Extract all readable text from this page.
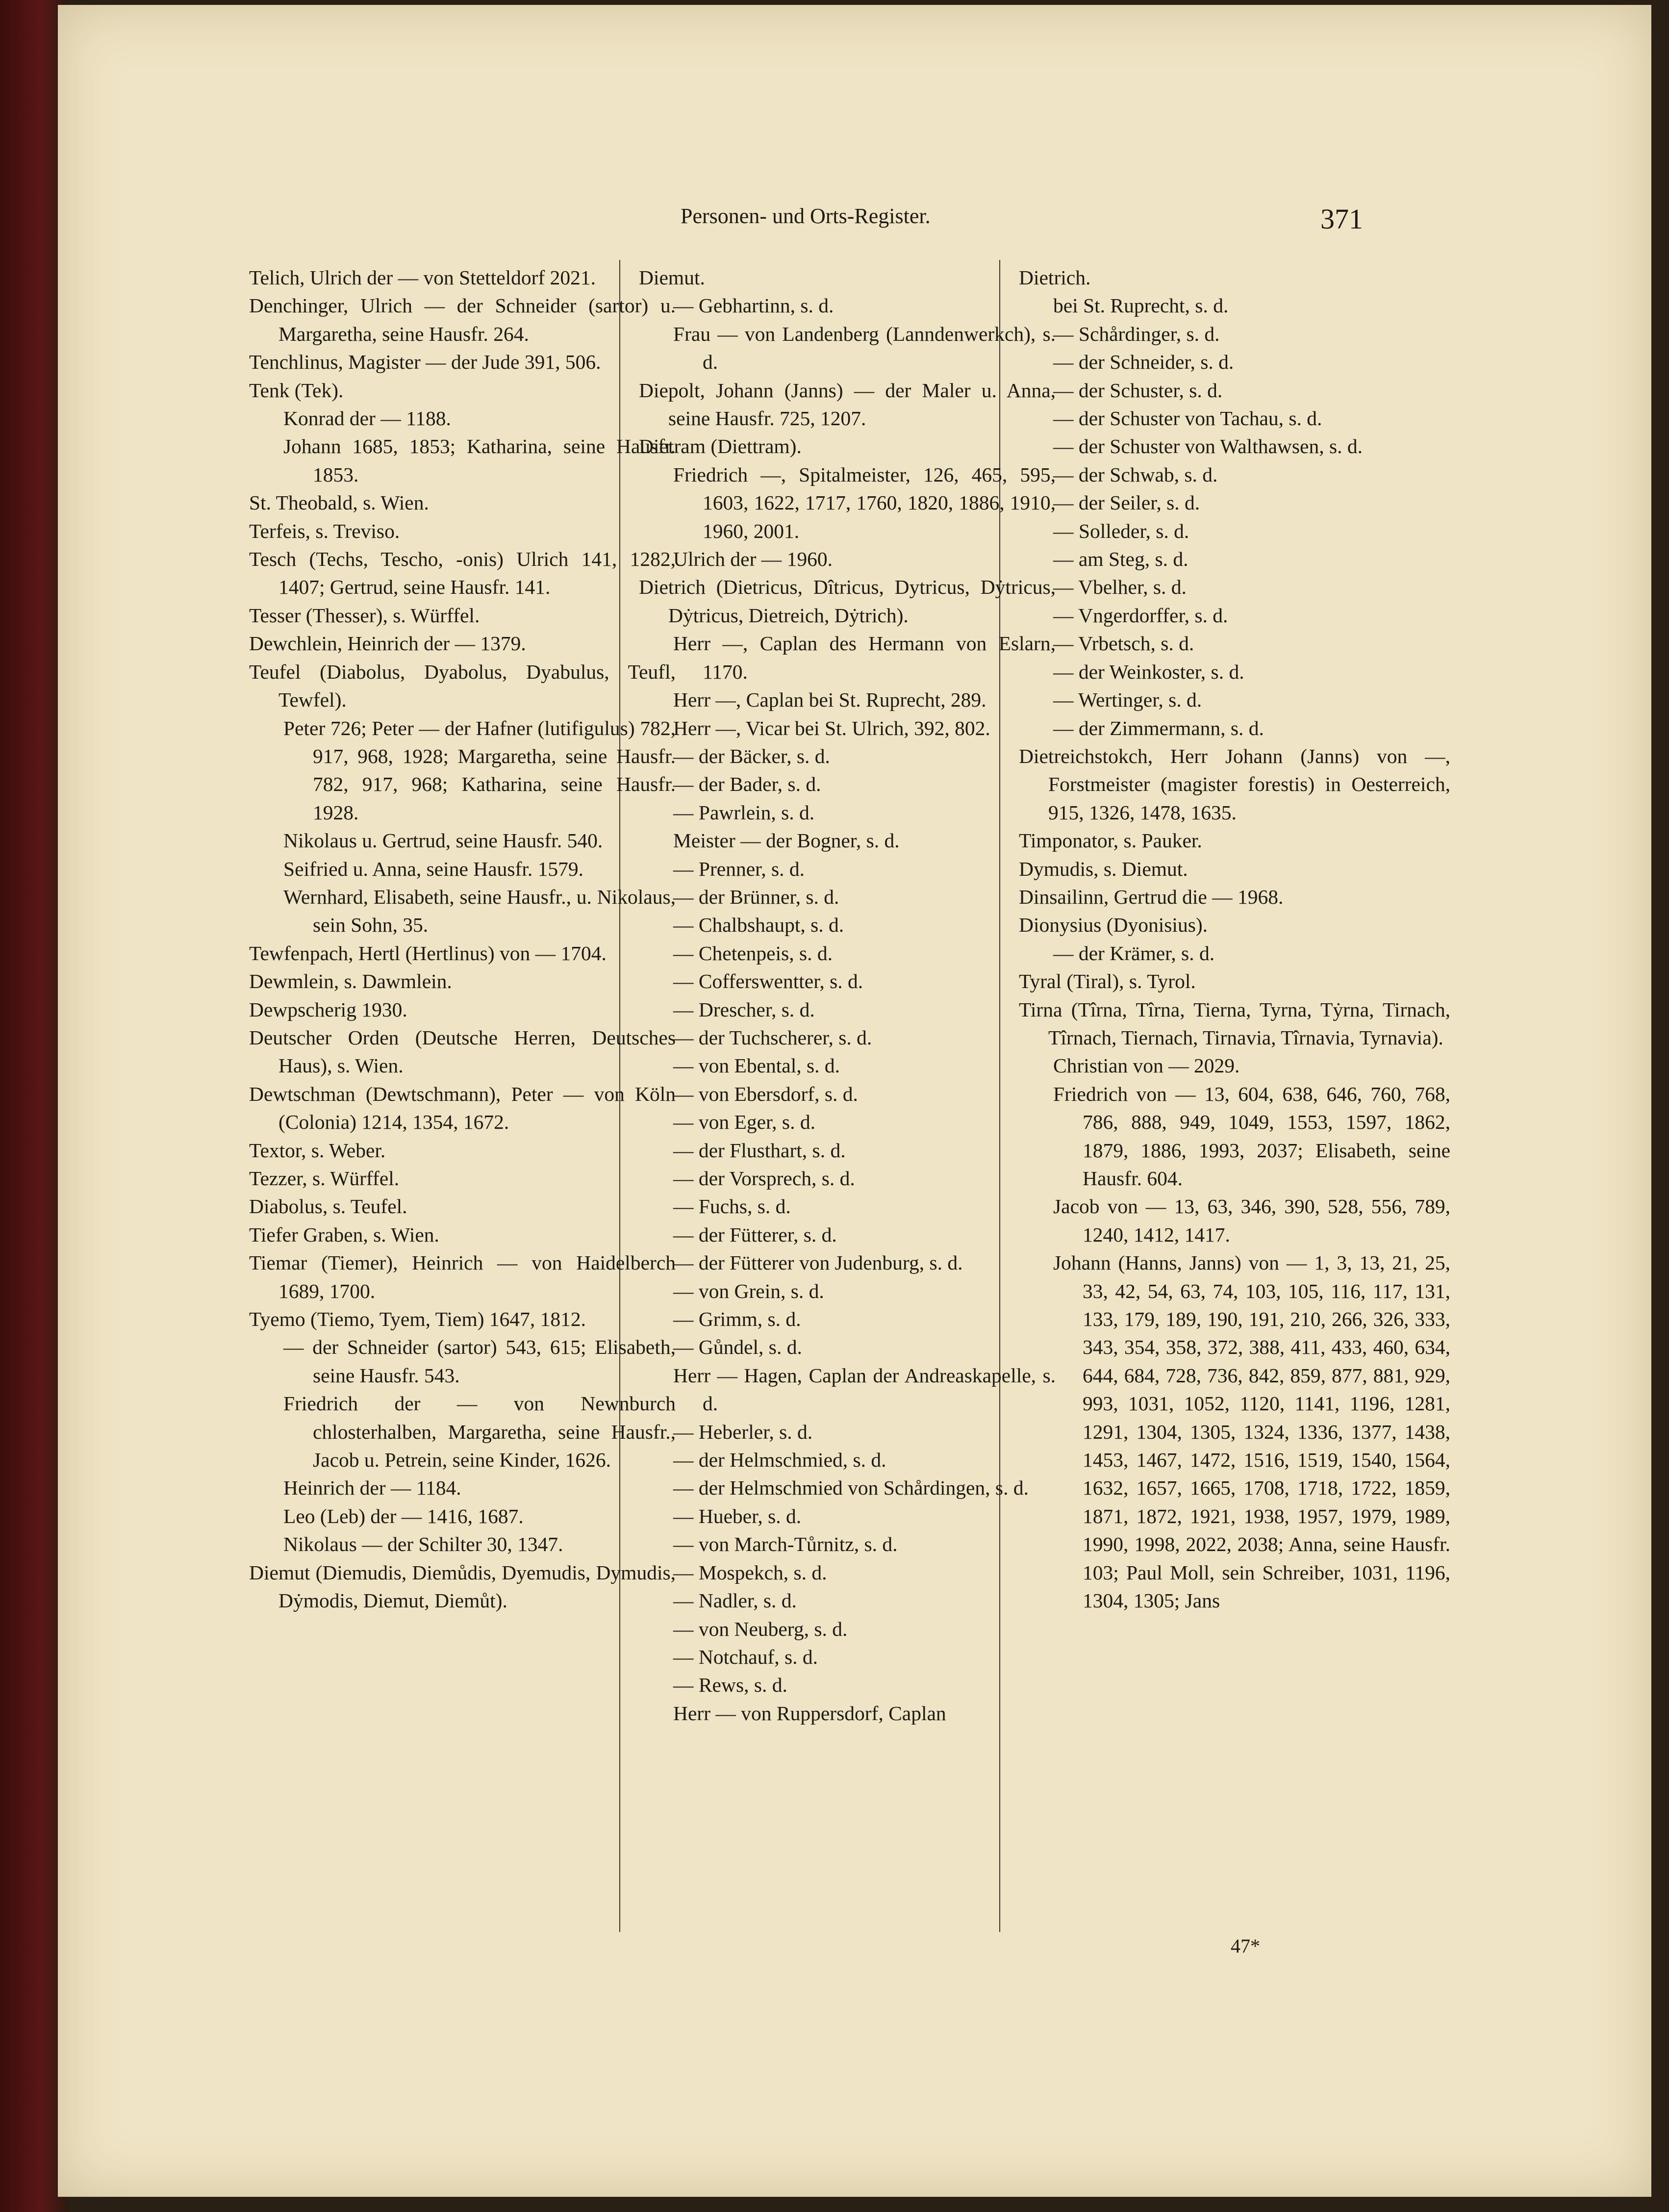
Personen- und Orts-Register.	371
Telich, Ulrich der — von Stetteldorf 2021.
Denchinger, Ulrich — der Schneider (sartor) u. Margaretha, seine Hausfr. 264.
Tenchlinus, Magister — der Jude 391, 506.
Tenk (Tek).
Konrad der — 1188.
Johann 1685, 1853; Katharina, seine Hausfr. 1853.
St. Theobald, s. Wien.
Terfeis, s. Treviso.
Tesch (Techs, Tescho, -onis) Ulrich 141, 1282, 1407; Gertrud, seine Hausfr. 141.
Tesser (Thesser), s. Würffel.
Dewchlein, Heinrich der — 1379.
Teufel (Diabolus, Dyabolus, Dyabulus, Teufl, Tewfel).
Peter 726; Peter — der Hafner (lutifigulus) 782, 917, 968, 1928; Margaretha, seine Hausfr. 782, 917, 968; Katharina, seine Hausfr. 1928.
Nikolaus u. Gertrud, seine Hausfr. 540.
Seifried u. Anna, seine Hausfr. 1579.
Wernhard, Elisabeth, seine Hausfr., u. Nikolaus, sein Sohn, 35.
Tewfenpach, Hertl (Hertlinus) von — 1704.
Dewmlein, s. Dawmlein.
Dewpscherig 1930.
Deutscher Orden (Deutsche Herren, Deutsches Haus), s. Wien.
Dewtschman (Dewtschmann), Peter — von Köln (Colonia) 1214, 1354, 1672.
Textor, s. Weber.
Tezzer, s. Würffel.
Diabolus, s. Teufel.
Tiefer Graben, s. Wien.
Tiemar (Tiemer), Heinrich — von Haidelberch 1689, 1700.
Tyemo (Tiemo, Tyem, Tiem) 1647, 1812.
— der Schneider (sartor) 543, 615; Elisabeth, seine Hausfr. 543.
Friedrich der — von Newnburch chlosterhalben, Margaretha, seine Hausfr., Jacob u. Petrein, seine Kinder, 1626.
Heinrich der — 1184.
Leo (Leb) der — 1416, 1687.
Nikolaus — der Schilter 30, 1347.
Diemut (Diemudis, Diemůdis, Dyemudis, Dymudis, Dẏmodis, Diemut, Diemůt).
Diemut.
— Gebhartinn, s. d.
Frau — von Landenberg (Lanndenwerkch), s. d.
Diepolt, Johann (Janns) — der Maler u. Anna, seine Hausfr. 725, 1207.
Dietram (Diettram).
Friedrich —, Spitalmeister, 126, 465, 595, 1603, 1622, 1717, 1760, 1820, 1886, 1910, 1960, 2001.
Ulrich der — 1960.
Dietrich (Dietricus, Dîtricus, Dytricus, Dẏtricus, Dẏtricus, Dietreich, Dẏtrich).
Herr —, Caplan des Hermann von Eslarn, 1170.
Herr —, Caplan bei St. Ruprecht, 289.
Herr —, Vicar bei St. Ulrich, 392, 802.
— der Bäcker, s. d.
— der Bader, s. d.
— Pawrlein, s. d.
Meister — der Bogner, s. d.
— Prenner, s. d.
— der Brünner, s. d.
— Chalbshaupt, s. d.
— Chetenpeis, s. d.
— Cofferswentter, s. d.
— Drescher, s. d.
— der Tuchscherer, s. d.
— von Ebental, s. d.
— von Ebersdorf, s. d.
— von Eger, s. d.
— der Flusthart, s. d.
— der Vorsprech, s. d.
— Fuchs, s. d.
— der Fütterer, s. d.
— der Fütterer von Judenburg, s. d.
— von Grein, s. d.
— Grimm, s. d.
— Gůndel, s. d.
Herr — Hagen, Caplan der Andreaskapelle, s. d.
— Heberler, s. d.
— der Helmschmied, s. d.
— der Helmschmied von Schårdingen, s. d.
— Hueber, s. d.
— von March-Tůrnitz, s. d.
— Mospekch, s. d.
— Nadler, s. d.
— von Neuberg, s. d.
— Notchauf, s. d.
— Rews, s. d.
Herr — von Ruppersdorf, Caplan
Dietrich.
bei St. Ruprecht, s. d.
— Schårdinger, s. d.
— der Schneider, s. d.
— der Schuster, s. d.
— der Schuster von Tachau, s. d.
— der Schuster von Walthawsen, s. d.
— der Schwab, s. d.
— der Seiler, s. d.
— Solleder, s. d.
— am Steg, s. d.
— Vbelher, s. d.
— Vngerdorffer, s. d.
— Vrbetsch, s. d.
— der Weinkoster, s. d.
— Wertinger, s. d.
— der Zimmermann, s. d.
Dietreichstokch, Herr Johann (Janns) von —, Forstmeister (magister forestis) in Oesterreich, 915, 1326, 1478, 1635.
Timponator, s. Pauker.
Dymudis, s. Diemut.
Dinsailinn, Gertrud die — 1968.
Dionysius (Dyonisius).
— der Krämer, s. d.
Tyral (Tiral), s. Tyrol.
Tirna (Tîrna, Tîrna, Tierna, Tyrna, Tẏrna, Tirnach, Tîrnach, Tiernach, Tirnavia, Tîrnavia, Tyrnavia).
Christian von — 2029.
Friedrich von — 13, 604, 638, 646, 760, 768, 786, 888, 949, 1049, 1553, 1597, 1862, 1879, 1886, 1993, 2037; Elisabeth, seine Hausfr. 604.
Jacob von — 13, 63, 346, 390, 528, 556, 789, 1240, 1412, 1417.
Johann (Hanns, Janns) von — 1, 3, 13, 21, 25, 33, 42, 54, 63, 74, 103, 105, 116, 117, 131, 133, 179, 189, 190, 191, 210, 266, 326, 333, 343, 354, 358, 372, 388, 411, 433, 460, 634, 644, 684, 728, 736, 842, 859, 877, 881, 929, 993, 1031, 1052, 1120, 1141, 1196, 1281, 1291, 1304, 1305, 1324, 1336, 1377, 1438, 1453, 1467, 1472, 1516, 1519, 1540, 1564, 1632, 1657, 1665, 1708, 1718, 1722, 1859, 1871, 1872, 1921, 1938, 1957, 1979, 1989, 1990, 1998, 2022, 2038; Anna, seine Hausfr. 103; Paul Moll, sein Schreiber, 1031, 1196, 1304, 1305; Jans
47*
